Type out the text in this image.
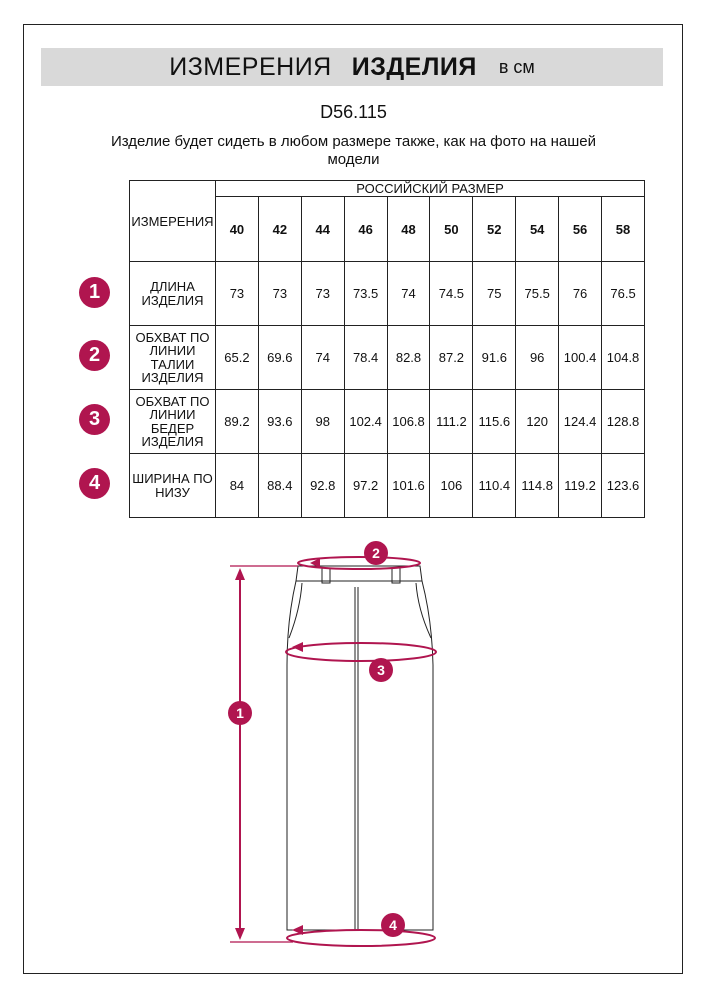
ИЗМЕРЕНИЯ ИЗДЕЛИЯ в см
D56.115
Изделие будет сидеть в любом размере также, как на фото на нашей модели
ИЗМЕРЕНИЯ	РОССИЙСКИЙ РАЗМЕР									
	40	42	44	46	48	50	52	54	56	58
ДЛИНА ИЗДЕЛИЯ	73	73	73	73.5	74	74.5	75	75.5	76	76.5
ОБХВАТ ПО ЛИНИИ ТАЛИИ ИЗДЕЛИЯ	65.2	69.6	74	78.4	82.8	87.2	91.6	96	100.4	104.8
ОБХВАТ ПО ЛИНИИ БЕДЕР ИЗДЕЛИЯ	89.2	93.6	98	102.4	106.8	111.2	115.6	120	124.4	128.8
ШИРИНА ПО НИЗУ	84	88.4	92.8	97.2	101.6	106	110.4	114.8	119.2	123.6
1
2
3
4
1
2
3
4
